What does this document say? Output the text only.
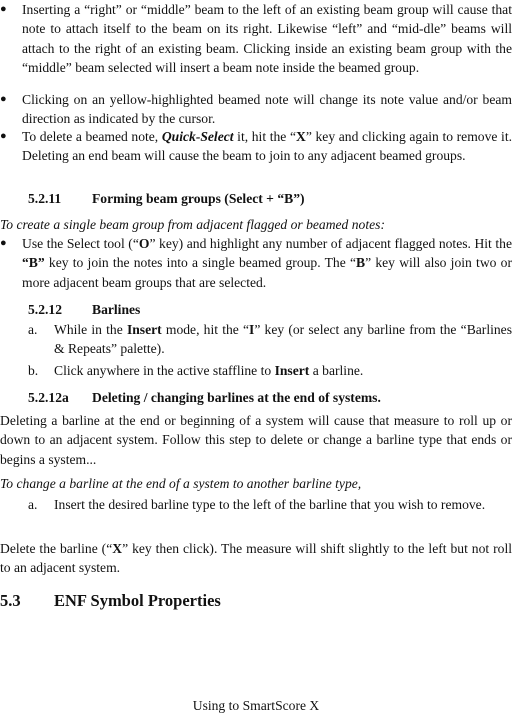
● Inserting a “right” or “middle” beam to the left of an existing beam group will cause that note to attach itself to the beam on its right. Likewise “left” and “mid-dle” beams will attach to the right of an existing beam. Clicking inside an existing beam group with the “middle” beam selected will insert a beam note inside the beamed group.
● Clicking on an yellow-highlighted beamed note will change its note value and/or beam direction as indicated by the cursor.
● To delete a beamed note, Quick-Select it, hit the “X” key and clicking again to remove it. Deleting an end beam will cause the beam to join to any adjacent beamed groups.
5.2.11 Forming beam groups (Select + “B”)
To create a single beam group from adjacent flagged or beamed notes:
● Use the Select tool (“O” key) and highlight any number of adjacent flagged notes. Hit the “B” key to join the notes into a single beamed group. The “B” key will also join two or more adjacent beam groups that are selected.
5.2.12 Barlines
a. While in the Insert mode, hit the “I” key (or select any barline from the “Barlines & Repeats” palette).
b. Click anywhere in the active staffline to Insert a barline.
5.2.12a Deleting / changing barlines at the end of systems.
Deleting a barline at the end or beginning of a system will cause that measure to roll up or down to an adjacent system. Follow this step to delete or change a barline type that ends or begins a system...
To change a barline at the end of a system to another barline type,
a. Insert the desired barline type to the left of the barline that you wish to remove.
Delete the barline (“X” key then click). The measure will shift slightly to the left but not roll to an adjacent system.
5.3 ENF Symbol Properties
Using to SmartScore X
